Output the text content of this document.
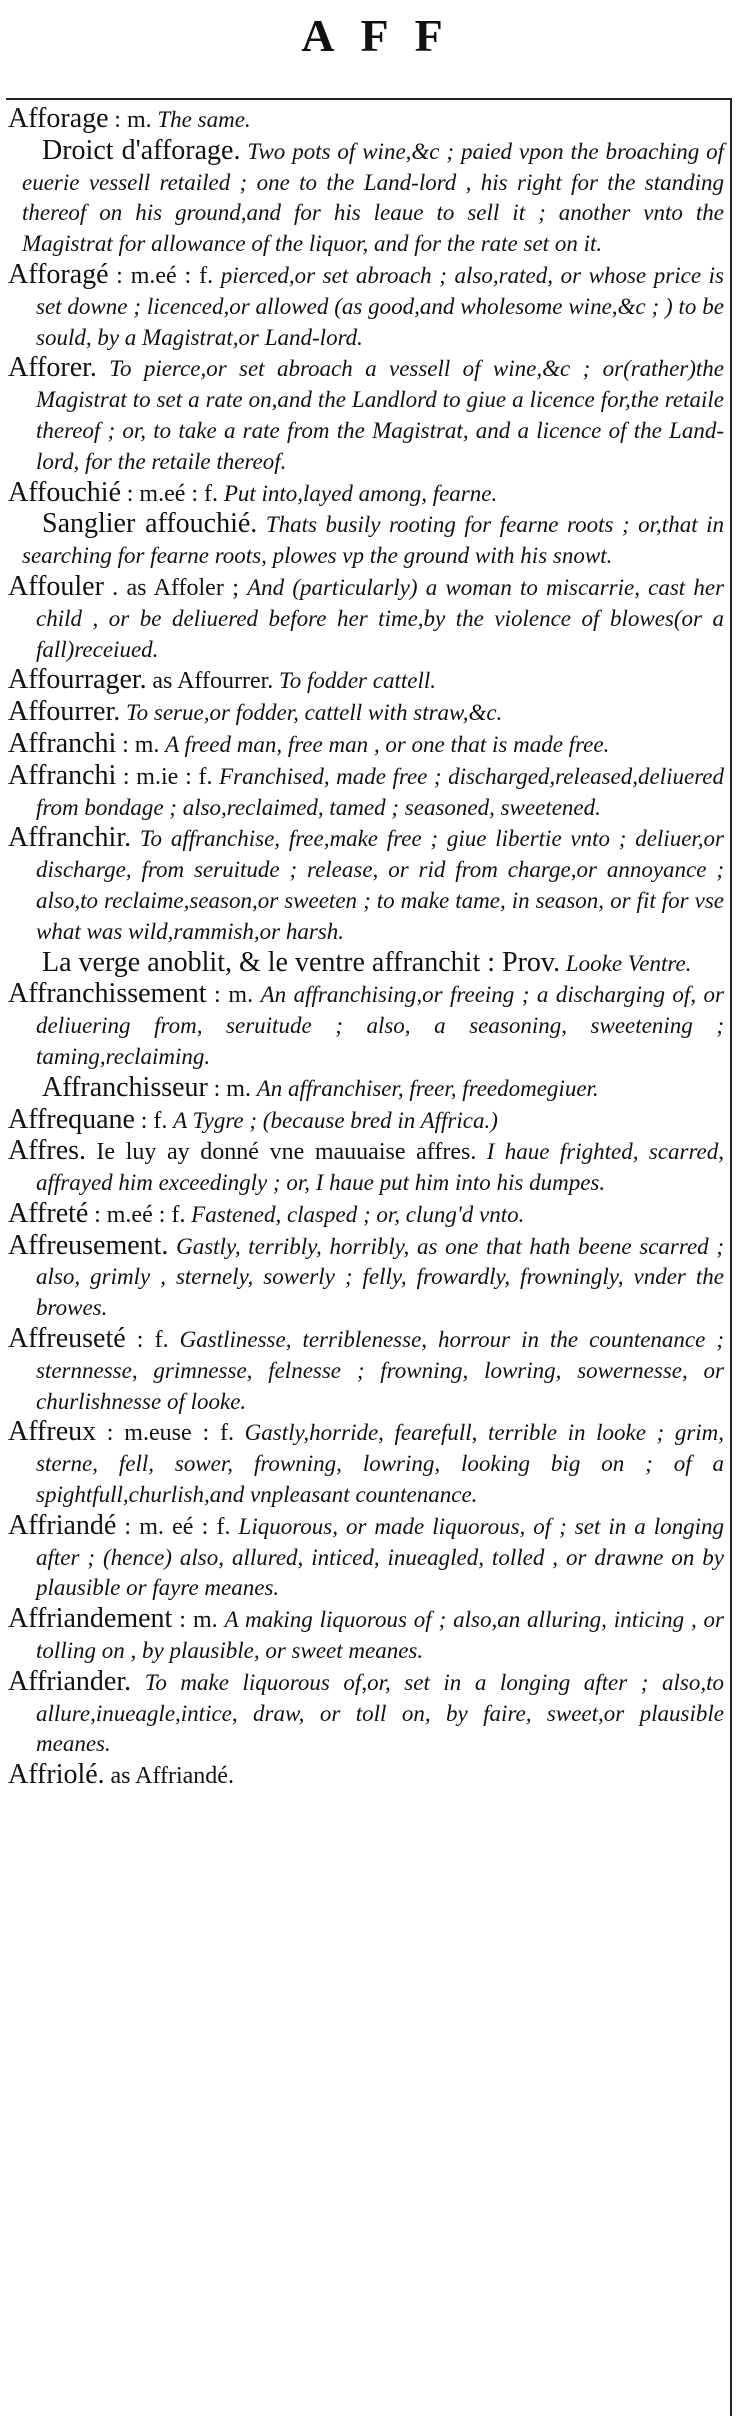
AFF

Afforage : m. The same.

Droict d'afforage. Two pots of wine,&c ; paied vpon the broaching of euerie vessell retailed ; one to the Land-lord , his right for the standing thereof on his ground,and for his leaue to sell it ; another vnto the Magistrat for allowance of the liquor, and for the rate set on it.

Afforagé : m.eé : f. pierced,or set abroach ; also,rated, or whose price is set downe ; licenced,or allowed (as good,and wholesome wine,&c ; ) to be sould, by a Magistrat,or Land-lord.

Afforer. To pierce,or set abroach a vessell of wine,&c ; or(rather)the Magistrat to set a rate on,and the Landlord to giue a licence for,the retaile thereof ; or, to take a rate from the Magistrat, and a licence of the Land-lord, for the retaile thereof.

Affouchié : m.eé : f. Put into,layed among, fearne.

Sanglier affouchié. Thats busily rooting for fearne roots ; or,that in searching for fearne roots, plowes vp the ground with his snowt.

Affouler . as Affoler ; And (particularly) a woman to miscarrie, cast her child , or be deliuered before her time,by the violence of blowes(or a fall)receiued.

Affourrager. as Affourrer. To fodder cattell.

Affourrer. To serue,or fodder, cattell with straw,&c.

Affranchi : m. A freed man, free man , or one that is made free.

Affranchi : m.ie : f. Franchised, made free ; discharged,released,deliuered from bondage ; also,reclaimed, tamed ; seasoned, sweetened.

Affranchir. To affranchise, free,make free ; giue libertie vnto ; deliuer,or discharge, from seruitude ; release, or rid from charge,or annoyance ; also,to reclaime,season,or sweeten ; to make tame, in season, or fit for vse what was wild,rammish,or harsh.

La verge anoblit, & le ventre affranchit : Prov. Looke Ventre.

Affranchissement : m. An affranchising,or freeing ; a discharging of, or deliuering from, seruitude ; also, a seasoning, sweetening ; taming,reclaiming.

Affranchisseur : m. An affranchiser, freer, freedomegiuer.

Affrequane : f. A Tygre ; (because bred in Affrica.)

Affres. Ie luy ay donné vne mauuaise affres. I haue frighted, scarred, affrayed him exceedingly ; or, I haue put him into his dumpes.

Affreté : m.eé : f. Fastened, clasped ; or, clung'd vnto.

Affreusement. Gastly, terribly, horribly, as one that hath beene scarred ; also, grimly , sternely, sowerly ; felly, frowardly, frowningly, vnder the browes.

Affreuseté : f. Gastlinesse, terriblenesse, horrour in the countenance ; sternnesse, grimnesse, felnesse ; frowning, lowring, sowernesse, or churlishnesse of looke.

Affreux : m.euse : f. Gastly,horride, fearefull, terrible in looke ; grim, sterne, fell, sower, frowning, lowring, looking big on ; of a spightfull,churlish,and vnpleasant countenance.

Affriandé : m. eé : f. Liquorous, or made liquorous, of ; set in a longing after ; (hence) also, allured, inticed, inueagled, tolled , or drawne on by plausible or fayre meanes.

Affriandement : m. A making liquorous of ; also,an alluring, inticing , or tolling on , by plausible, or sweet meanes.

Affriander. To make liquorous of,or, set in a longing after ; also,to allure,inueagle,intice, draw, or toll on, by faire, sweet,or plausible meanes.

Affriolé. as Affriandé.
